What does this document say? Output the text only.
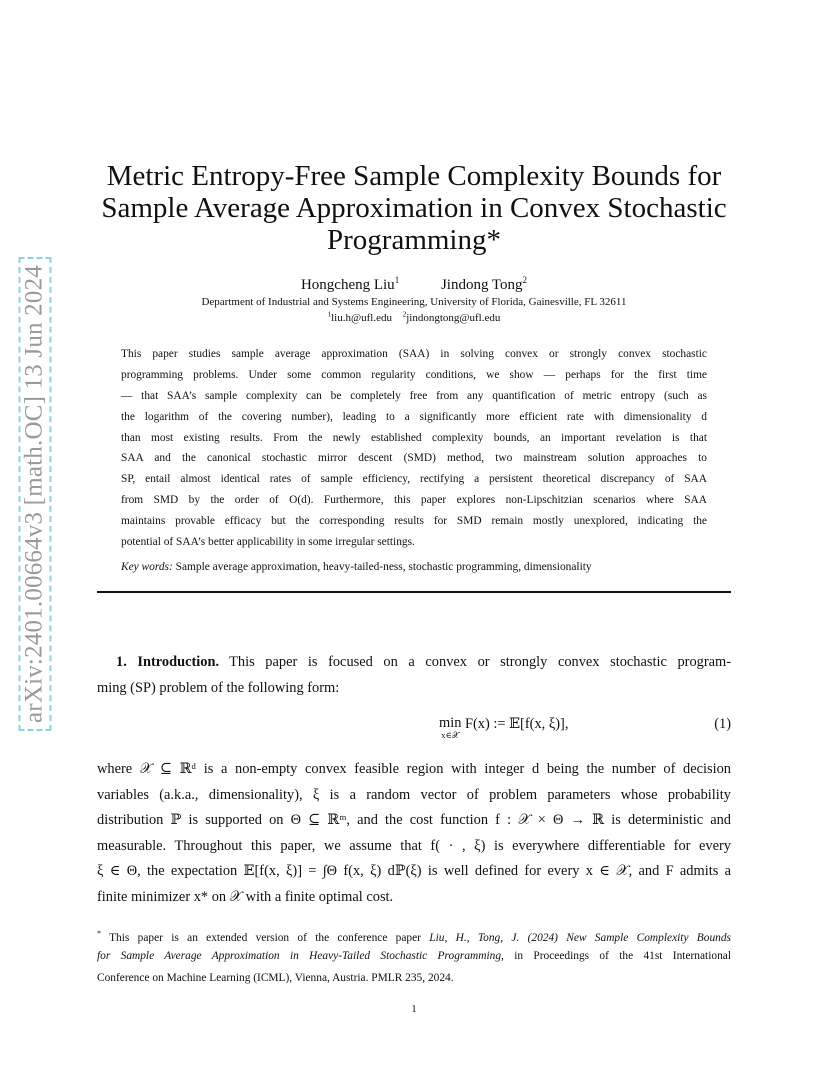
arXiv:2401.00664v3 [math.OC] 13 Jun 2024
Metric Entropy-Free Sample Complexity Bounds for Sample Average Approximation in Convex Stochastic Programming*
Hongcheng Liu$^1$	Jindong Tong$^2$
Department of Industrial and Systems Engineering, University of Florida, Gainesville, FL 32611
$^1$liu.h@ufl.edu $^2$jindongtong@ufl.edu
This paper studies sample average approximation (SAA) in solving convex or strongly convex stochastic
programming problems. Under some common regularity conditions, we show — perhaps for the first time
— that SAA’s sample complexity can be completely free from any quantification of metric entropy (such as
the logarithm of the covering number), leading to a significantly more efficient rate with dimensionality d
than most existing results. From the newly established complexity bounds, an important revelation is that
SAA and the canonical stochastic mirror descent (SMD) method, two mainstream solution approaches to
SP, entail almost identical rates of sample efficiency, rectifying a persistent theoretical discrepancy of SAA
from SMD by the order of O(d). Furthermore, this paper explores non-Lipschitzian scenarios where SAA
maintains provable efficacy but the corresponding results for SMD remain mostly unexplored, indicating the
potential of SAA’s better applicability in some irregular settings.
Key words: Sample average approximation, heavy-tailed-ness, stochastic programming, dimensionality
1. Introduction. This paper is focused on a convex or strongly convex stochastic program-
ming (SP) problem of the following form:
min
x∈𝒳
F(x) := 𝔼[f(x, ξ)],	(1)
where 𝒳 ⊆ ℝᵈ is a non-empty convex feasible region with integer d being the number of decision
variables (a.k.a., dimensionality), ξ is a random vector of problem parameters whose probability
distribution ℙ is supported on Θ ⊆ ℝᵐ, and the cost function f : 𝒳 × Θ → ℝ is deterministic and
measurable. Throughout this paper, we assume that f( · , ξ) is everywhere differentiable for every
ξ ∈ Θ, the expectation 𝔼[f(x, ξ)] = ∫Θ f(x, ξ) dℙ(ξ) is well defined for every x ∈ 𝒳, and F admits a
finite minimizer x* on 𝒳 with a finite optimal cost.
* This paper is an extended version of the conference paper Liu, H., Tong, J. (2024) New Sample Complexity Bounds
for Sample Average Approximation in Heavy-Tailed Stochastic Programming, in Proceedings of the 41st International
Conference on Machine Learning (ICML), Vienna, Austria. PMLR 235, 2024.
1
